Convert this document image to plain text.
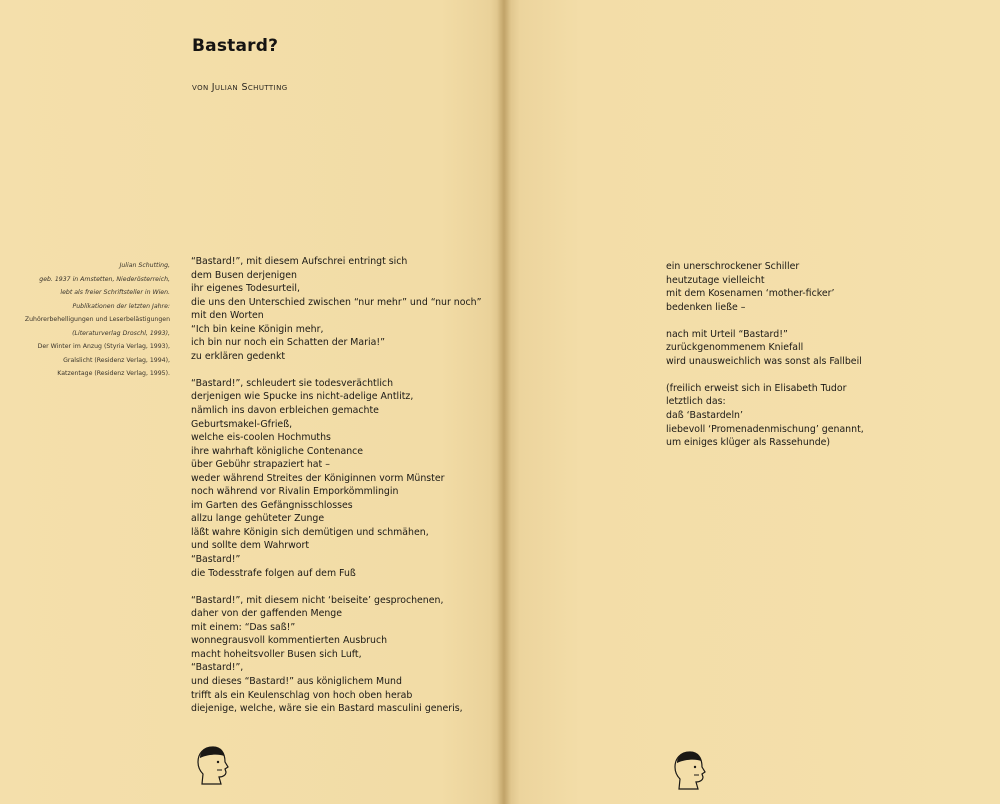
Bastard?
von Julian Schutting
Julian Schutting,
geb. 1937 in Amstetten, Niederösterreich,
lebt als freier Schriftsteller in Wien.
Publikationen der letzten Jahre:
Zuhörerbehelligungen und Leserbelästigungen
(Literaturverlag Droschl, 1993),
Der Winter im Anzug (Styria Verlag, 1993),
Gralslicht (Residenz Verlag, 1994),
Katzentage (Residenz Verlag, 1995).
“Bastard!”, mit diesem Aufschrei entringt sich
dem Busen derjenigen
ihr eigenes Todesurteil,
die uns den Unterschied zwischen “nur mehr” und “nur noch”
mit den Worten
“Ich bin keine Königin mehr,
ich bin nur noch ein Schatten der Maria!”
zu erklären gedenkt
“Bastard!”, schleudert sie todesverächtlich
derjenigen wie Spucke ins nicht-adelige Antlitz,
nämlich ins davon erbleichen gemachte
Geburtsmakel-Gfrieß,
welche eis-coolen Hochmuths
ihre wahrhaft königliche Contenance
über Gebühr strapaziert hat –
weder während Streites der Königinnen vorm Münster
noch während vor Rivalin Emporkömmlingin
im Garten des Gefängnisschlosses
allzu lange gehüteter Zunge
läßt wahre Königin sich demütigen und schmähen,
und sollte dem Wahrwort
“Bastard!”
die Todesstrafe folgen auf dem Fuß
“Bastard!”, mit diesem nicht ‘beiseite’ gesprochenen,
daher von der gaffenden Menge
mit einem: “Das saß!”
wonnegrausvoll kommentierten Ausbruch
macht hoheitsvoller Busen sich Luft,
“Bastard!”,
und dieses “Bastard!” aus königlichem Mund
trifft als ein Keulenschlag von hoch oben herab
diejenige, welche, wäre sie ein Bastard masculini generis,
ein unerschrockener Schiller
heutzutage vielleicht
mit dem Kosenamen ‘mother-ficker’
bedenken ließe –
nach mit Urteil “Bastard!”
zurückgenommenem Kniefall
wird unausweichlich was sonst als Fallbeil
(freilich erweist sich in Elisabeth Tudor
letztlich das:
daß ‘Bastardeln’
liebevoll ‘Promenadenmischung’ genannt,
um einiges klüger als Rassehunde)
